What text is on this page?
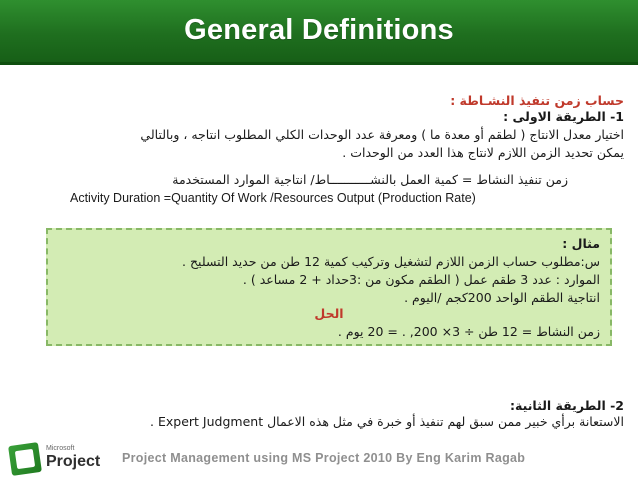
General Definitions
حساب زمن تنفيذ النشـاطة :
1- الطريقة الاولى :
اختيار معدل الانتاج ( لطقم أو معدة ما ) ومعرفة عدد الوحدات الكلي المطلوب انتاجه ، وبالتالي
يمكن تحديد الزمن اللازم لانتاج هذا العدد من الوحدات .
زمن تنفيذ النشاط = كمية العمل بالنشـــــــــــاط/ انتاجية الموارد المستخدمة
Activity Duration =Quantity Of Work /Resources Output (Production Rate)
مثال :
س:مطلوب حساب الزمن اللازم لتشغيل وتركيب كمية 12 طن من حديد التسليح .
الموارد : عدد 3 طقم عمل ( الطقم مكون من :3حداد + 2 مساعد ) .
انتاجية الطقم الواحد 200كجم /اليوم .
الحل
زمن النشاط = 12 طن ÷ 3× 200, . = 20 يوم .
2- الطريقة الثانية:
الاستعانة برأي خبير ممن سبق لهم تنفيذ أو خبرة في مثل هذه الاعمال Expert Judgment .
Microsoft
Project Project Management using MS Project 2010 By Eng Karim Ragab
